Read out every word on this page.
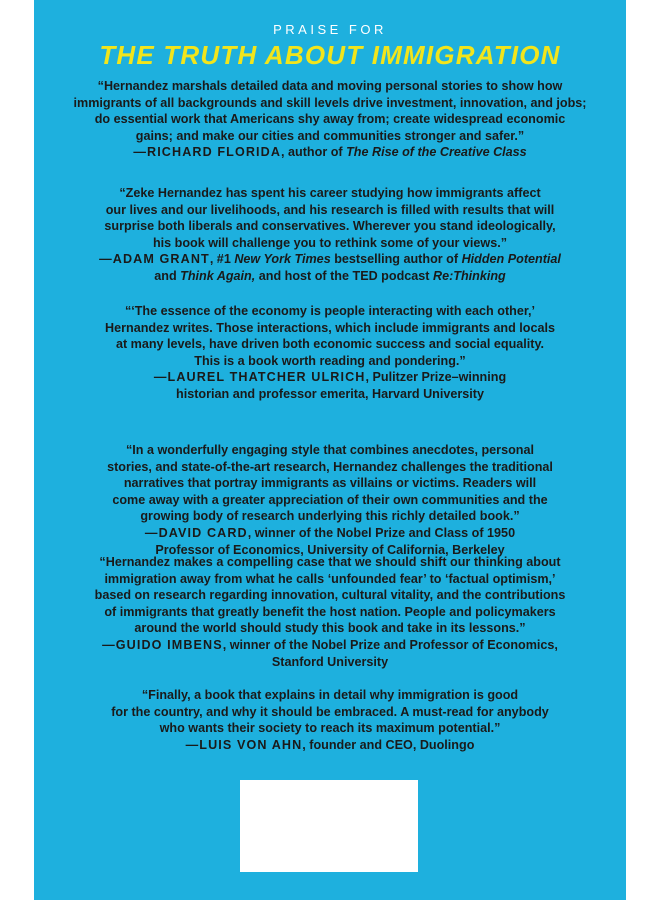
PRAISE FOR
THE TRUTH ABOUT IMMIGRATION
“Hernandez marshals detailed data and moving personal stories to show how
immigrants of all backgrounds and skill levels drive investment, innovation, and jobs;
do essential work that Americans shy away from; create widespread economic
gains; and make our cities and communities stronger and safer.”
—RICHARD FLORIDA, author of The Rise of the Creative Class
“Zeke Hernandez has spent his career studying how immigrants affect
our lives and our livelihoods, and his research is filled with results that will
surprise both liberals and conservatives. Wherever you stand ideologically,
his book will challenge you to rethink some of your views.”
—ADAM GRANT, #1 New York Times bestselling author of Hidden Potential
and Think Again, and host of the TED podcast Re:Thinking
“‘The essence of the economy is people interacting with each other,’
Hernandez writes. Those interactions, which include immigrants and locals
at many levels, have driven both economic success and social equality.
This is a book worth reading and pondering.”
—LAUREL THATCHER ULRICH, Pulitzer Prize–winning
historian and professor emerita, Harvard University
“In a wonderfully engaging style that combines anecdotes, personal
stories, and state-of-the-art research, Hernandez challenges the traditional
narratives that portray immigrants as villains or victims. Readers will
come away with a greater appreciation of their own communities and the
growing body of research underlying this richly detailed book.”
—DAVID CARD, winner of the Nobel Prize and Class of 1950
Professor of Economics, University of California, Berkeley
“Hernandez makes a compelling case that we should shift our thinking about
immigration away from what he calls ‘unfounded fear’ to ‘factual optimism,’
based on research regarding innovation, cultural vitality, and the contributions
of immigrants that greatly benefit the host nation. People and policymakers
around the world should study this book and take in its lessons.”
—GUIDO IMBENS, winner of the Nobel Prize and Professor of Economics,
Stanford University
“Finally, a book that explains in detail why immigration is good
for the country, and why it should be embraced. A must-read for anybody
who wants their society to reach its maximum potential.”
—LUIS VON AHN, founder and CEO, Duolingo
